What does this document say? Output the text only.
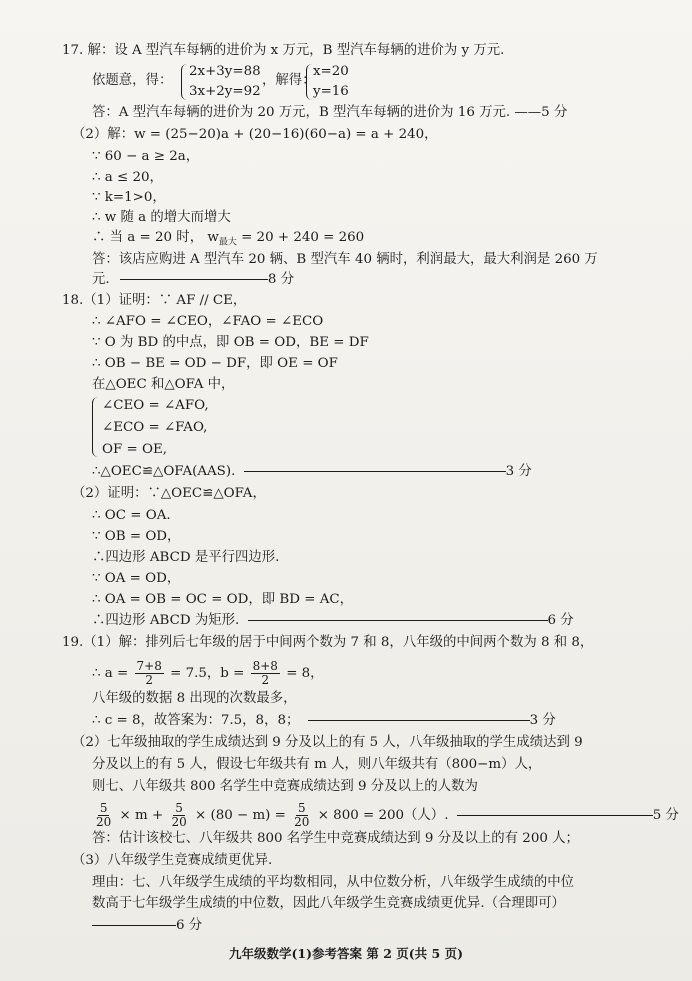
17. 解：设 A 型汽车每辆的进价为 x 万元，B 型汽车每辆的进价为 y 万元.
依题意，得：
2x+3y=88
3x+2y=92
，解得：
x=20
y=16
答：A 型汽车每辆的进价为 20 万元，B 型汽车每辆的进价为 16 万元. ——5 分
（2）解：w = (25−20)a + (20−16)(60−a) = a + 240，
∵ 60 − a ≥ 2a，
∴ a ≤ 20，
∵ k=1>0，
∴ w 随 a 的增大而增大
∴ 当 a = 20 时， $w_{最大} = 20 + 240 = 260$
答：该店应购进 A 型汽车 20 辆、B 型汽车 40 辆时，利润最大，最大利润是 260 万
元.	8 分
18.（1）证明：∵ AF // CE，
∴ ∠AFO = ∠CEO，∠FAO = ∠ECO
∵ O 为 BD 的中点，即 OB = OD，BE = DF
∴ OB − BE = OD − DF，即 OE = OF
在△OEC 和△OFA 中，
∠CEO = ∠AFO,
∠ECO = ∠FAO,
OF = OE,
∴△OEC≌△OFA(AAS).	3 分
（2）证明：∵△OEC≌△OFA，
∴ OC = OA.
∵ OB = OD，
∴四边形 ABCD 是平行四边形.
∵ OA = OD，
∴ OA = OB = OC = OD，即 BD = AC，
∴四边形 ABCD 为矩形.	6 分
19.（1）解：排列后七年级的居于中间两个数为 7 和 8，八年级的中间两个数为 8 和 8，
∴ $a = \frac{7+8}{2} = 7.5$，$b = \frac{8+8}{2} = 8$，
八年级的数据 8 出现的次数最多，
∴ c = 8，故答案为：7.5，8，8；	3 分
（2）七年级抽取的学生成绩达到 9 分及以上的有 5 人，八年级抽取的学生成绩达到 9
分及以上的有 5 人，假设七年级共有 m 人，则八年级共有（800−m）人，
则七、八年级共 800 名学生中竞赛成绩达到 9 分及以上的人数为
$\frac{5}{20} \times m + \frac{5}{20} \times (80 - m) = \frac{5}{20} \times 800 = 200$（人）.	5 分
答：估计该校七、八年级共 800 名学生中竞赛成绩达到 9 分及以上的有 200 人；
（3）八年级学生竞赛成绩更优异.
理由：七、八年级学生成绩的平均数相同，从中位数分析，八年级学生成绩的中位
数高于七年级学生成绩的中位数，因此八年级学生竞赛成绩更优异.（合理即可）
6 分
九年级数学(1)参考答案 第 2 页(共 5 页)
